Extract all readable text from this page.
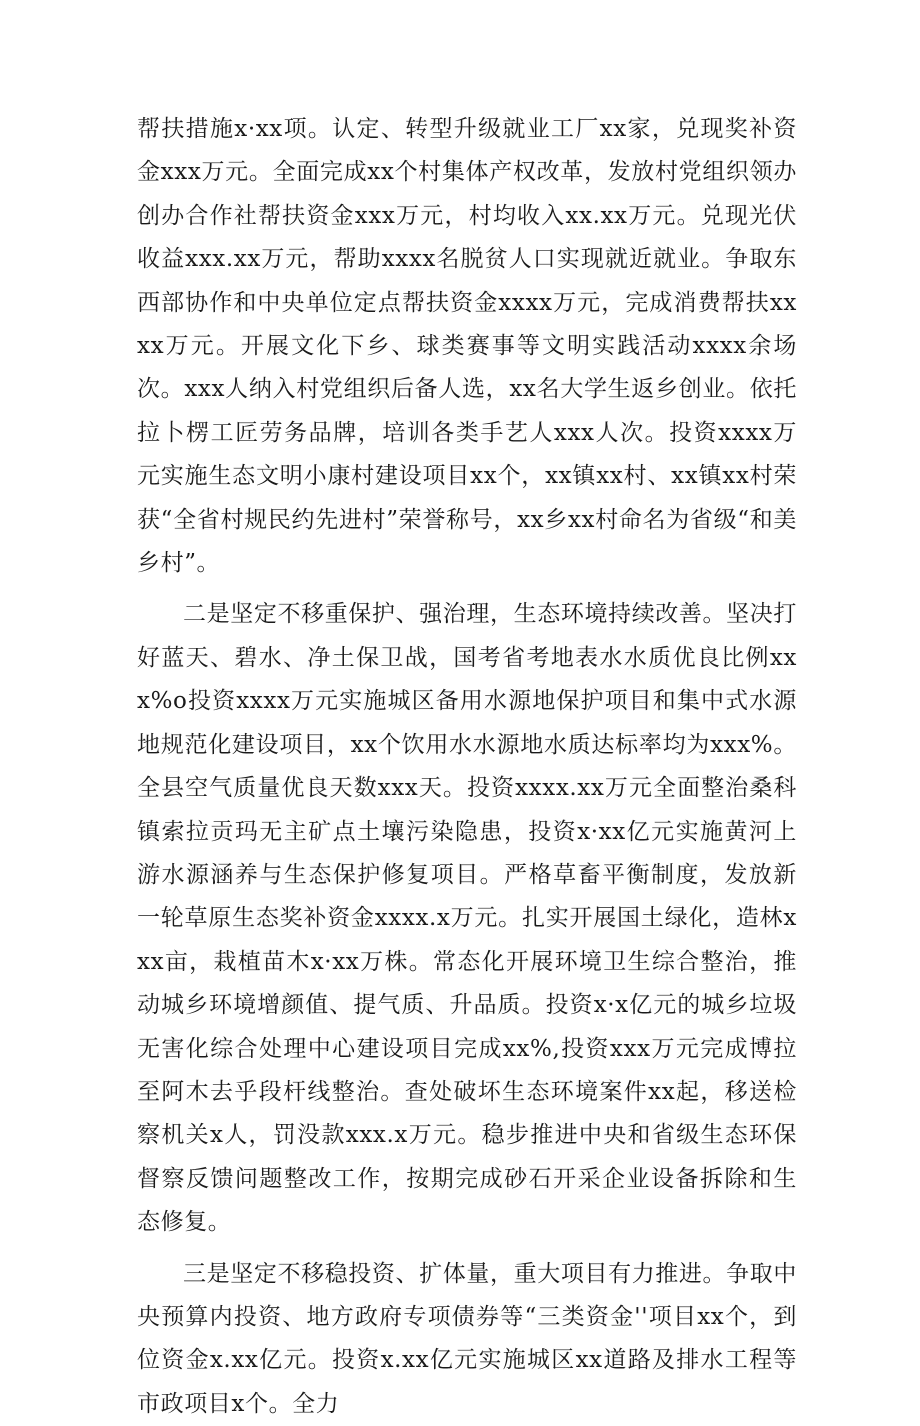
帮扶措施x·xx项。认定、转型升级就业工厂xx家，兑现奖补资金xxx万元。全面完成xx个村集体产权改革，发放村党组织领办创办合作社帮扶资金xxx万元，村均收入xx.xx万元。兑现光伏收益xxx.xx万元，帮助xxxx名脱贫人口实现就近就业。争取东西部协作和中央单位定点帮扶资金xxxx万元，完成消费帮扶xxxx万元。开展文化下乡、球类赛事等文明实践活动xxxx余场次。xxx人纳入村党组织后备人选，xx名大学生返乡创业。依托拉卜楞工匠劳务品牌，培训各类手艺人xxx人次。投资xxxx万元实施生态文明小康村建设项目xx个，xx镇xx村、xx镇xx村荣获“全省村规民约先进村”荣誉称号，xx乡xx村命名为省级“和美乡村”。

二是坚定不移重保护、强治理，生态环境持续改善。坚决打好蓝天、碧水、净土保卫战，国考省考地表水水质优良比例xxx%o投资xxxx万元实施城区备用水源地保护项目和集中式水源地规范化建设项目，xx个饮用水水源地水质达标率均为xxx%。全县空气质量优良天数xxx天。投资xxxx.xx万元全面整治桑科镇索拉贡玛无主矿点土壤污染隐患，投资x·xx亿元实施黄河上游水源涵养与生态保护修复项目。严格草畜平衡制度，发放新一轮草原生态奖补资金xxxx.x万元。扎实开展国土绿化，造林xxx亩，栽植苗木x·xx万株。常态化开展环境卫生综合整治，推动城乡环境增颜值、提气质、升品质。投资x·x亿元的城乡垃圾无害化综合处理中心建设项目完成xx%,投资xxx万元完成博拉至阿木去乎段杆线整治。查处破坏生态环境案件xx起，移送检察机关x人，罚没款xxx.x万元。稳步推进中央和省级生态环保督察反馈问题整改工作，按期完成砂石开采企业设备拆除和生态修复。

三是坚定不移稳投资、扩体量，重大项目有力推进。争取中央预算内投资、地方政府专项债券等“三类资金''项目xx个，到位资金x.xx亿元。投资x.xx亿元实施城区xx道路及排水工程等市政项目x个。全力
